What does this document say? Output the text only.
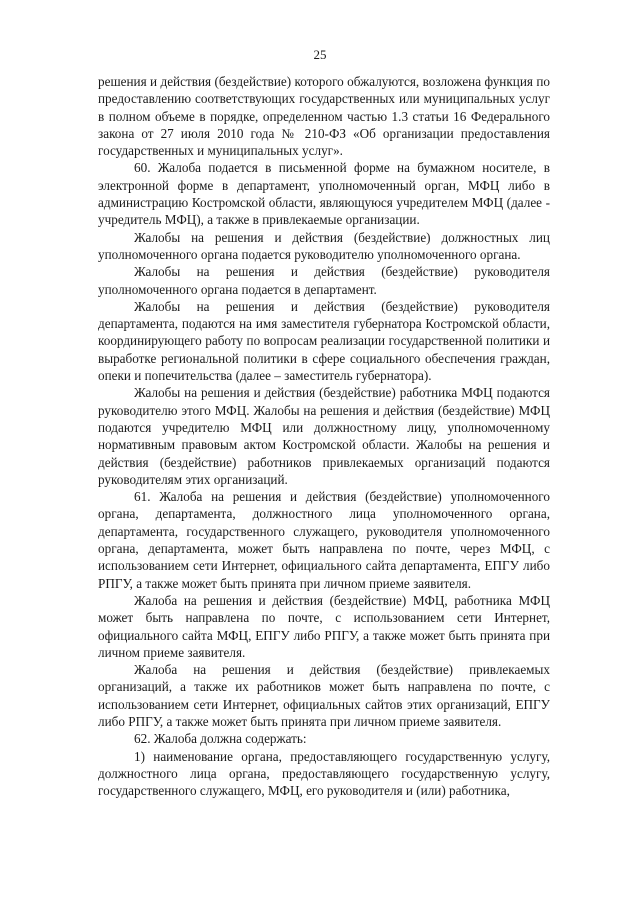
25

решения и действия (бездействие) которого обжалуются, возложена функция по предоставлению соответствующих государственных или муниципальных услуг в полном объеме в порядке, определенном частью 1.3 статьи 16 Федерального закона от 27 июля 2010 года № 210-ФЗ «Об организации предоставления государственных и муниципальных услуг».

60. Жалоба подается в письменной форме на бумажном носителе, в электронной форме в департамент, уполномоченный орган, МФЦ либо в администрацию Костромской области, являющуюся учредителем МФЦ (далее - учредитель МФЦ), а также в привлекаемые организации.

Жалобы на решения и действия (бездействие) должностных лиц уполномоченного органа подается руководителю уполномоченного органа.

Жалобы на решения и действия (бездействие) руководителя уполномоченного органа подается в департамент.

Жалобы на решения и действия (бездействие) руководителя департамента, подаются на имя заместителя губернатора Костромской области, координирующего работу по вопросам реализации государственной политики и выработке региональной политики в сфере социального обеспечения граждан, опеки и попечительства (далее – заместитель губернатора).

Жалобы на решения и действия (бездействие) работника МФЦ подаются руководителю этого МФЦ. Жалобы на решения и действия (бездействие) МФЦ подаются учредителю МФЦ или должностному лицу, уполномоченному нормативным правовым актом Костромской области. Жалобы на решения и действия (бездействие) работников привлекаемых организаций подаются руководителям этих организаций.

61. Жалоба на решения и действия (бездействие) уполномоченного органа, департамента, должностного лица уполномоченного органа, департамента, государственного служащего, руководителя уполномоченного органа, департамента, может быть направлена по почте, через МФЦ, с использованием сети Интернет, официального сайта департамента, ЕПГУ либо РПГУ, а также может быть принята при личном приеме заявителя.

Жалоба на решения и действия (бездействие) МФЦ, работника МФЦ может быть направлена по почте, с использованием сети Интернет, официального сайта МФЦ, ЕПГУ либо РПГУ, а также может быть принята при личном приеме заявителя.

Жалоба на решения и действия (бездействие) привлекаемых организаций, а также их работников может быть направлена по почте, с использованием сети Интернет, официальных сайтов этих организаций, ЕПГУ либо РПГУ, а также может быть принята при личном приеме заявителя.

62. Жалоба должна содержать:

1) наименование органа, предоставляющего государственную услугу, должностного лица органа, предоставляющего государственную услугу, государственного служащего, МФЦ, его руководителя и (или) работника,
